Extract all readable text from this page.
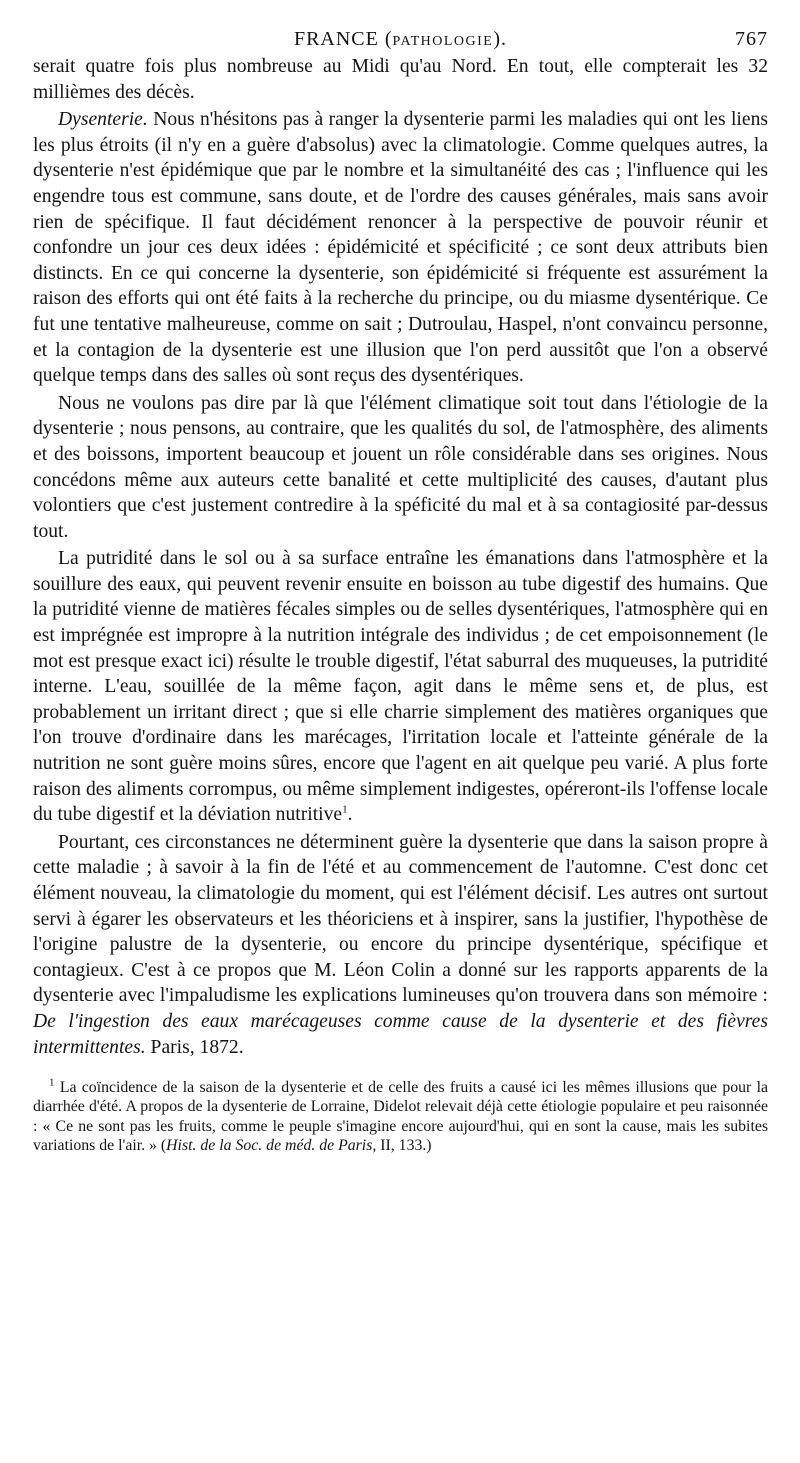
FRANCE (PATHOLOGIE).	767

serait quatre fois plus nombreuse au Midi qu'au Nord. En tout, elle compterait les 32 millièmes des décès.

Dysenterie. Nous n'hésitons pas à ranger la dysenterie parmi les maladies qui ont les liens les plus étroits (il n'y en a guère d'absolus) avec la climatologie. Comme quelques autres, la dysenterie n'est épidémique que par le nombre et la simultanéité des cas ; l'influence qui les engendre tous est commune, sans doute, et de l'ordre des causes générales, mais sans avoir rien de spécifique. Il faut décidément renoncer à la perspective de pouvoir réunir et confondre un jour ces deux idées : épidémicité et spécificité ; ce sont deux attributs bien distincts. En ce qui concerne la dysenterie, son épidémicité si fréquente est assurément la raison des efforts qui ont été faits à la recherche du principe, ou du miasme dysentérique. Ce fut une tentative malheureuse, comme on sait ; Dutroulau, Haspel, n'ont convaincu personne, et la contagion de la dysenterie est une illusion que l'on perd aussitôt que l'on a observé quelque temps dans des salles où sont reçus des dysentériques.

Nous ne voulons pas dire par là que l'élément climatique soit tout dans l'étiologie de la dysenterie ; nous pensons, au contraire, que les qualités du sol, de l'atmosphère, des aliments et des boissons, importent beaucoup et jouent un rôle considérable dans ses origines. Nous concédons même aux auteurs cette banalité et cette multiplicité des causes, d'autant plus volontiers que c'est justement contredire à la spéficité du mal et à sa contagiosité par-dessus tout.

La putridité dans le sol ou à sa surface entraîne les émanations dans l'atmosphère et la souillure des eaux, qui peuvent revenir ensuite en boisson au tube digestif des humains. Que la putridité vienne de matières fécales simples ou de selles dysentériques, l'atmosphère qui en est imprégnée est impropre à la nutrition intégrale des individus ; de cet empoisonnement (le mot est presque exact ici) résulte le trouble digestif, l'état saburral des muqueuses, la putridité interne. L'eau, souillée de la même façon, agit dans le même sens et, de plus, est probablement un irritant direct ; que si elle charrie simplement des matières organiques que l'on trouve d'ordinaire dans les marécages, l'irritation locale et l'atteinte générale de la nutrition ne sont guère moins sûres, encore que l'agent en ait quelque peu varié. A plus forte raison des aliments corrompus, ou même simplement indigestes, opéreront-ils l'offense locale du tube digestif et la déviation nutritive$^1$.

Pourtant, ces circonstances ne déterminent guère la dysenterie que dans la saison propre à cette maladie ; à savoir à la fin de l'été et au commencement de l'automne. C'est donc cet élément nouveau, la climatologie du moment, qui est l'élément décisif. Les autres ont surtout servi à égarer les observateurs et les théoriciens et à inspirer, sans la justifier, l'hypothèse de l'origine palustre de la dysenterie, ou encore du principe dysentérique, spécifique et contagieux. C'est à ce propos que M. Léon Colin a donné sur les rapports apparents de la dysenterie avec l'impaludisme les explications lumineuses qu'on trouvera dans son mémoire : De l'ingestion des eaux marécageuses comme cause de la dysenterie et des fièvres intermittentes. Paris, 1872.

$^1$ La coïncidence de la saison de la dysenterie et de celle des fruits a causé ici les mêmes illusions que pour la diarrhée d'été. A propos de la dysenterie de Lorraine, Didelot relevait déjà cette étiologie populaire et peu raisonnée : « Ce ne sont pas les fruits, comme le peuple s'imagine encore aujourd'hui, qui en sont la cause, mais les subites variations de l'air. » (Hist. de la Soc. de méd. de Paris, II, 133.)
